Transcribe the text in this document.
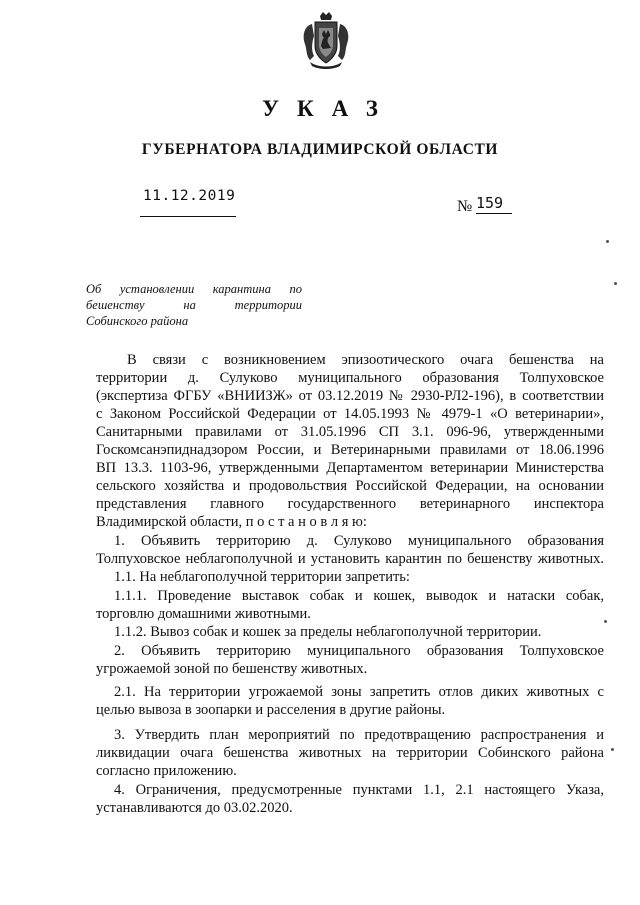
УКАЗ
ГУБЕРНАТОРА ВЛАДИМИРСКОЙ ОБЛАСТИ
11.12.2019
№ 159
Об установлении карантина по
бешенству на территории
Собинского района
В связи с возникновением эпизоотического очага бешенства на
территории д. Сулуково муниципального образования Толпуховское
(экспертиза ФГБУ «ВНИИЗЖ» от 03.12.2019 № 2930-РЛ2-196), в соответствии
с Законом Российской Федерации от 14.05.1993 № 4979-1 «О ветеринарии»,
Санитарными правилами от 31.05.1996 СП 3.1. 096-96, утвержденными
Госкомсанэпиднадзором России, и Ветеринарными правилами от 18.06.1996
ВП 13.3. 1103-96, утвержденными Департаментом ветеринарии Министерства
сельского хозяйства и продовольствия Российской Федерации, на основании
представления главного государственного ветеринарного инспектора
Владимирской области, п о с т а н о в л я ю:
1. Объявить территорию д. Сулуково муниципального образования
Толпуховское неблагополучной и установить карантин по бешенству животных.
1.1. На неблагополучной территории запретить:
1.1.1. Проведение выставок собак и кошек, выводок и натаски собак,
торговлю домашними животными.
1.1.2. Вывоз собак и кошек за пределы неблагополучной территории.
2. Объявить территорию муниципального образования Толпуховское
угрожаемой зоной по бешенству животных.
2.1. На территории угрожаемой зоны запретить отлов диких животных с
целью вывоза в зоопарки и расселения в другие районы.
3. Утвердить план мероприятий по предотвращению распространения и
ликвидации очага бешенства животных на территории Собинского района
согласно приложению.
4. Ограничения, предусмотренные пунктами 1.1, 2.1 настоящего Указа,
устанавливаются до 03.02.2020.
